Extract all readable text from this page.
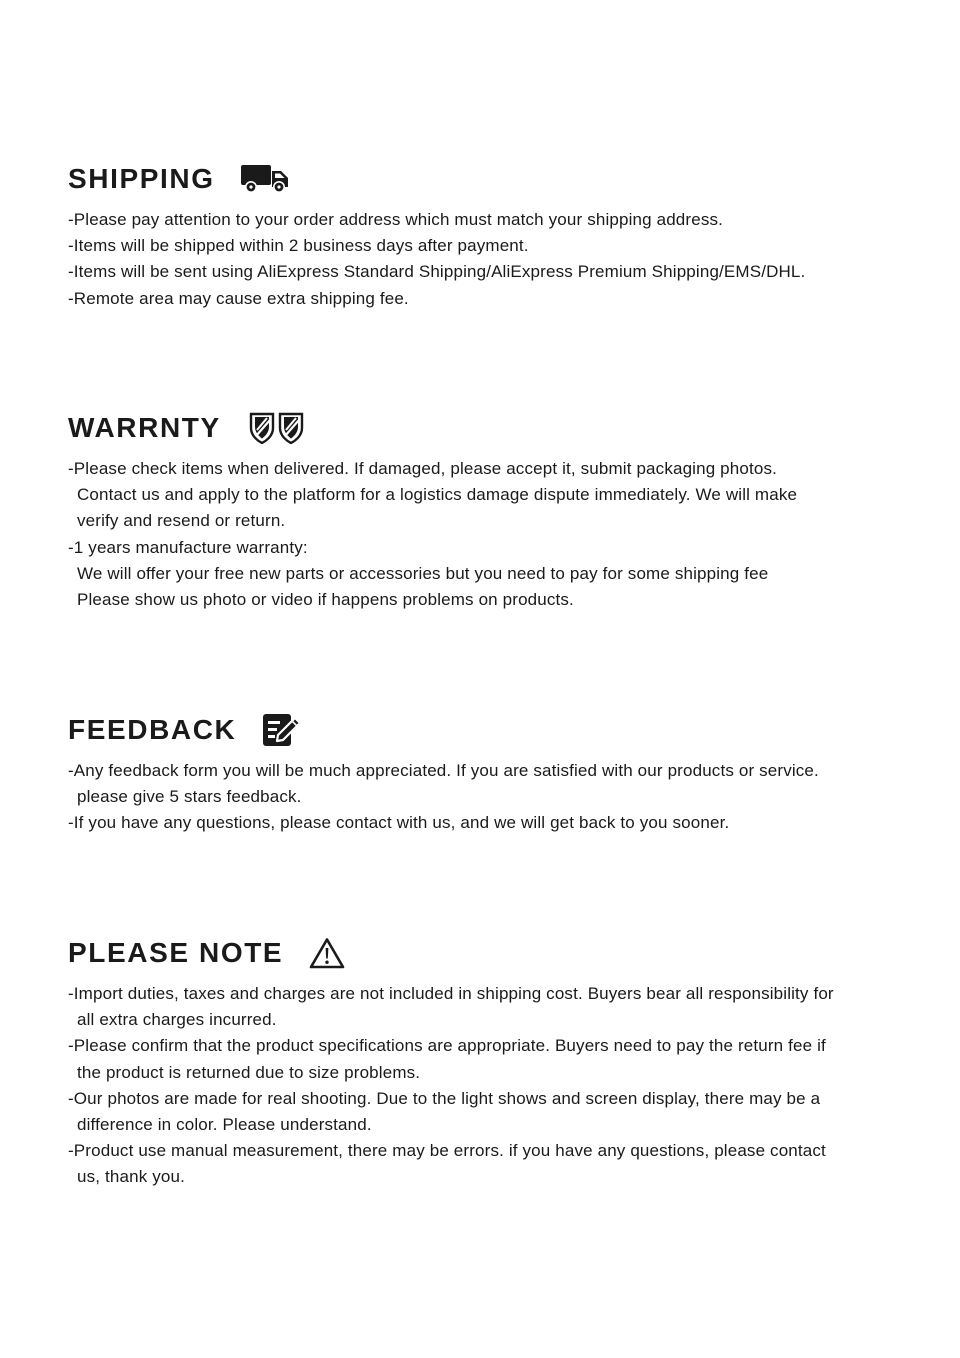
SHIPPING
-Please pay attention to your order address which must match your shipping address.
-Items will be shipped within 2 business days after payment.
-Items will be sent using AliExpress Standard Shipping/AliExpress Premium Shipping/EMS/DHL.
-Remote area may cause extra shipping fee.
WARRNTY
-Please check items when delivered. If damaged, please accept it, submit packaging photos.
Contact us and apply to the platform for a logistics damage dispute immediately. We will make
verify and resend or return.
-1 years manufacture warranty:
We will offer your free new parts or accessories but you need to pay for some shipping fee
Please show us photo or video if happens problems on products.
FEEDBACK
-Any feedback form you will be much appreciated. If you are satisfied with our products or service.
please give 5 stars feedback.
-If you have any questions, please contact with us, and we will get back to you sooner.
PLEASE NOTE
-Import duties, taxes and charges are not included in shipping cost. Buyers bear all responsibility for
all extra charges incurred.
-Please confirm that the product specifications are appropriate. Buyers need to pay the return fee if
the product is returned due to size problems.
-Our photos are made for real shooting. Due to the light shows and screen display, there may be a
difference in color. Please understand.
-Product use manual measurement, there may be errors. if you have any questions, please contact
us, thank you.
